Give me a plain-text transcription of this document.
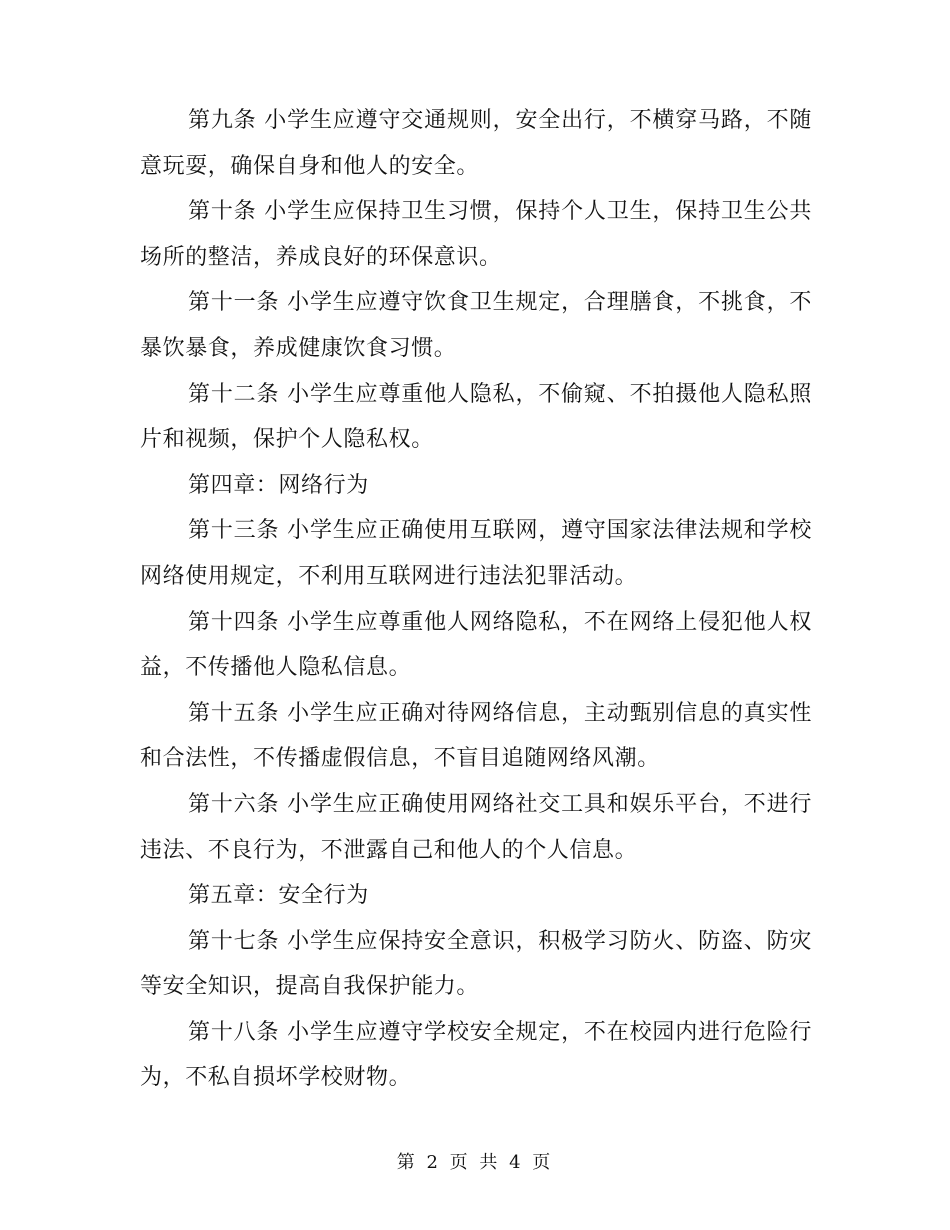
第九条 小学生应遵守交通规则，安全出行，不横穿马路，不随意玩耍，确保自身和他人的安全。

第十条 小学生应保持卫生习惯，保持个人卫生，保持卫生公共场所的整洁，养成良好的环保意识。

第十一条 小学生应遵守饮食卫生规定，合理膳食，不挑食，不暴饮暴食，养成健康饮食习惯。

第十二条 小学生应尊重他人隐私，不偷窥、不拍摄他人隐私照片和视频，保护个人隐私权。

第四章：网络行为

第十三条 小学生应正确使用互联网，遵守国家法律法规和学校网络使用规定，不利用互联网进行违法犯罪活动。

第十四条 小学生应尊重他人网络隐私，不在网络上侵犯他人权益，不传播他人隐私信息。

第十五条 小学生应正确对待网络信息，主动甄别信息的真实性和合法性，不传播虚假信息，不盲目追随网络风潮。

第十六条 小学生应正确使用网络社交工具和娱乐平台，不进行违法、不良行为，不泄露自己和他人的个人信息。

第五章：安全行为

第十七条 小学生应保持安全意识，积极学习防火、防盗、防灾等安全知识，提高自我保护能力。

第十八条 小学生应遵守学校安全规定，不在校园内进行危险行为，不私自损坏学校财物。

第 2 页 共 4 页
